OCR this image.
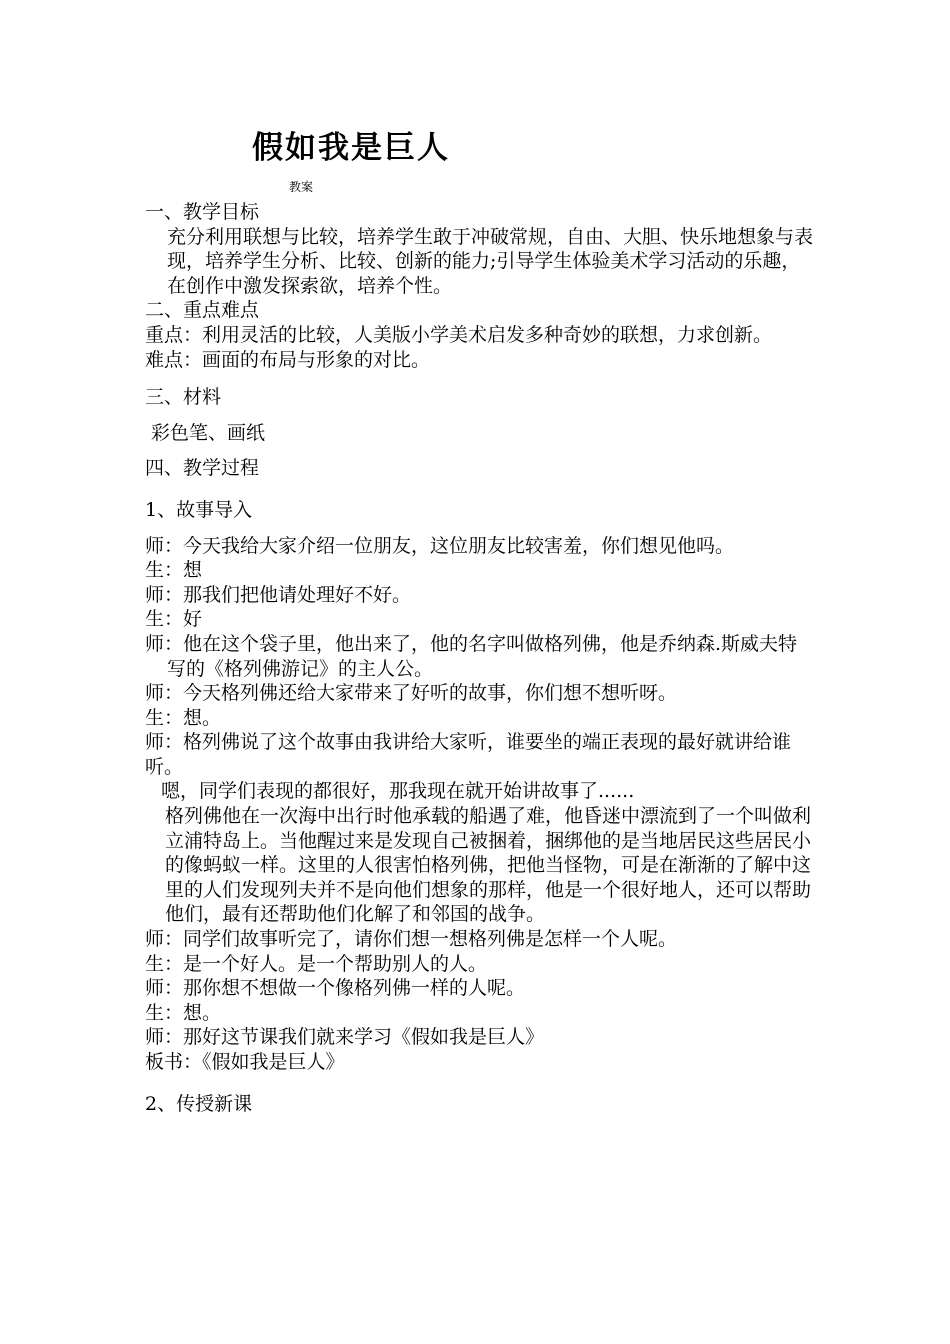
假如我是巨人
教案

一、教学目标

充分利用联想与比较，培养学生敢于冲破常规，自由、大胆、快乐地想象与表现，培养学生分析、比较、创新的能力;引导学生体验美术学习活动的乐趣，在创作中激发探索欲，培养个性。

二、重点难点

重点：利用灵活的比较，人美版小学美术启发多种奇妙的联想，力求创新。

难点：画面的布局与形象的对比。

三、材料

彩色笔、画纸

四、教学过程

1、故事导入

师：今天我给大家介绍一位朋友，这位朋友比较害羞，你们想见他吗。

生：想

师：那我们把他请处理好不好。

生：好

师：他在这个袋子里，他出来了，他的名字叫做格列佛，他是乔纳森.斯威夫特

写的《格列佛游记》的主人公。

师：今天格列佛还给大家带来了好听的故事，你们想不想听呀。

生：想。

师：格列佛说了这个故事由我讲给大家听，谁要坐的端正表现的最好就讲给谁听。

嗯，同学们表现的都很好，那我现在就开始讲故事了......

格列佛他在一次海中出行时他承载的船遇了难，他昏迷中漂流到了一个叫做利立浦特岛上。当他醒过来是发现自己被捆着，捆绑他的是当地居民这些居民小的像蚂蚁一样。这里的人很害怕格列佛，把他当怪物，可是在渐渐的了解中这里的人们发现列夫并不是向他们想象的那样，他是一个很好地人，还可以帮助他们，最有还帮助他们化解了和邻国的战争。

师：同学们故事听完了，请你们想一想格列佛是怎样一个人呢。

生：是一个好人。是一个帮助别人的人。

师：那你想不想做一个像格列佛一样的人呢。

生：想。

师：那好这节课我们就来学习《假如我是巨人》

板书：《假如我是巨人》

2、传授新课
